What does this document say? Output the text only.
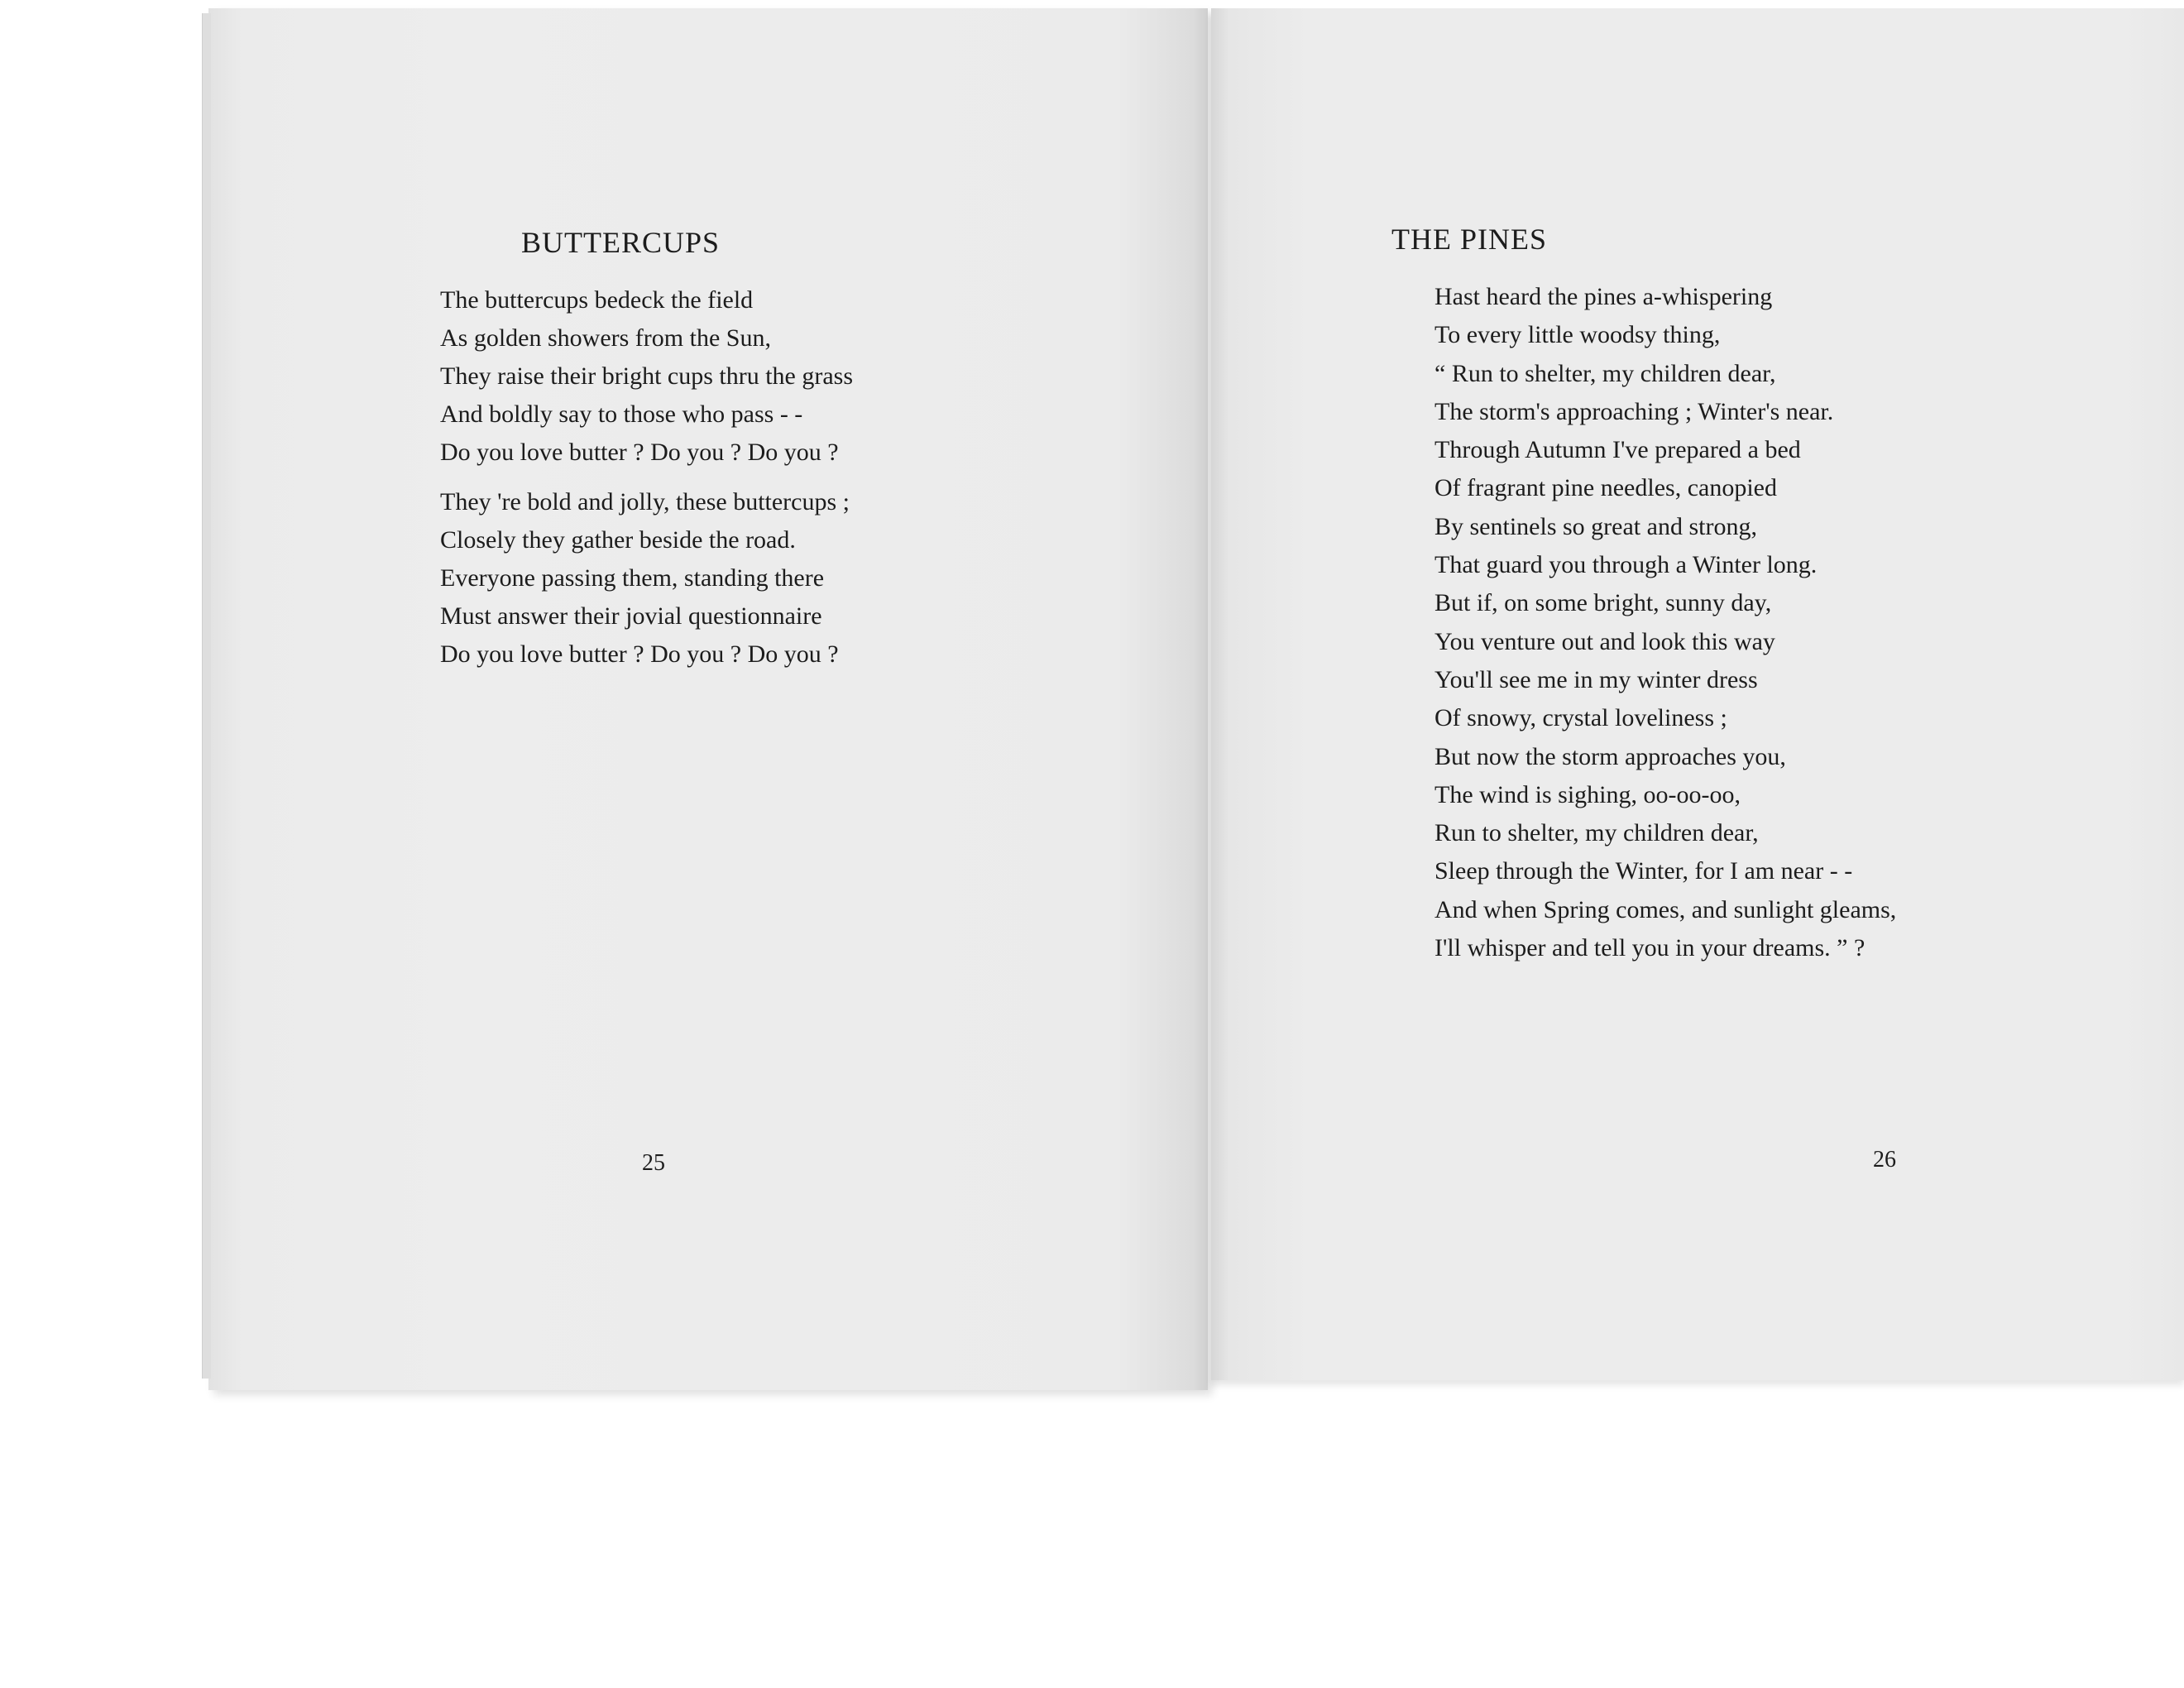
BUTTERCUPS
The buttercups bedeck the field
As golden showers from the Sun,
They raise their bright cups thru the grass
And boldly say to those who pass - -
Do you love butter ? Do you ? Do you ?
They 're bold and jolly, these buttercups ;
Closely they gather beside the road.
Everyone passing them, standing there
Must answer their jovial questionnaire
Do you love butter ? Do you ? Do you ?
25
THE PINES
Hast heard the pines a-whispering
To every little woodsy thing,
“ Run to shelter, my children dear,
The storm's approaching ; Winter's near.
Through Autumn I've prepared a bed
Of fragrant pine needles, canopied
By sentinels so great and strong,
That guard you through a Winter long.
But if, on some bright, sunny day,
You venture out and look this way
You'll see me in my winter dress
Of snowy, crystal loveliness ;
But now the storm approaches you,
The wind is sighing, oo-oo-oo,
Run to shelter, my children dear,
Sleep through the Winter, for I am near - -
And when Spring comes, and sunlight gleams,
I'll whisper and tell you in your dreams. ” ?
26
